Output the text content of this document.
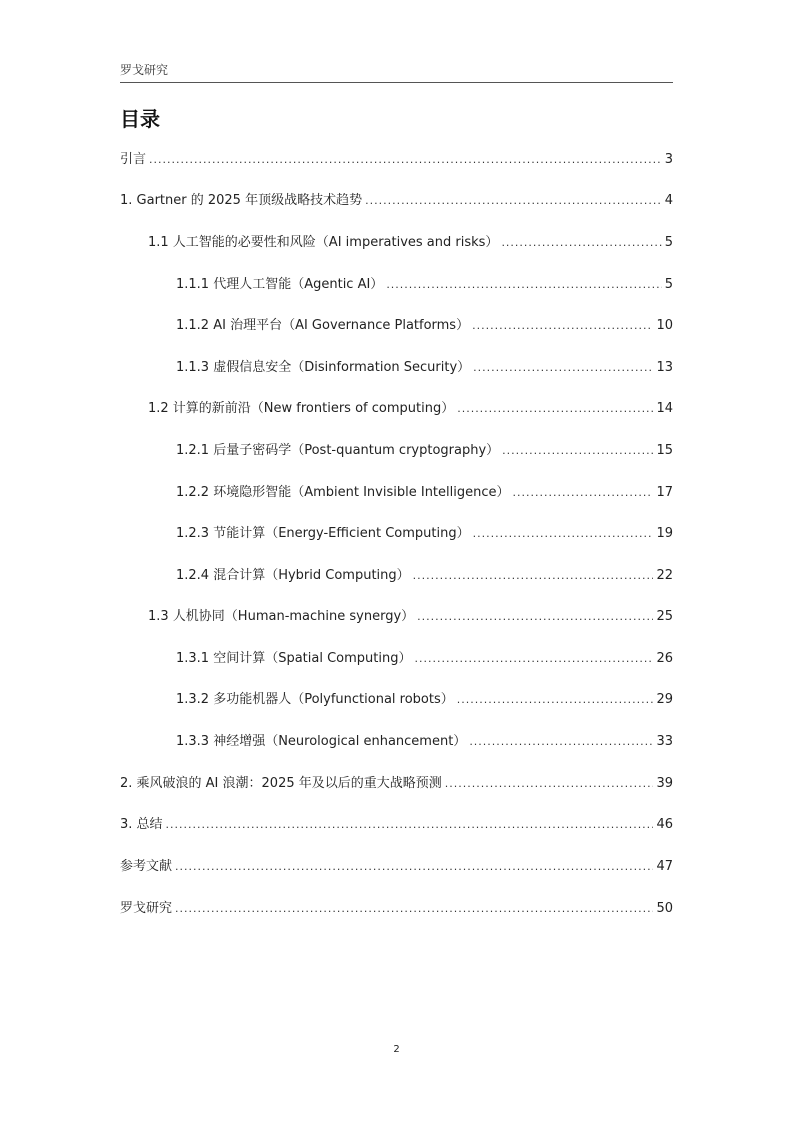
罗戈研究
目录
引言 .....	3
1. Gartner 的 2025 年顶级战略技术趋势 .....	4
1.1 人工智能的必要性和风险（AI imperatives and risks） .....	5
1.1.1 代理人工智能（Agentic AI） .....	5
1.1.2 AI 治理平台（AI Governance Platforms） .....	10
1.1.3 虚假信息安全（Disinformation Security） .....	13
1.2 计算的新前沿（New frontiers of computing） .....	14
1.2.1 后量子密码学（Post-quantum cryptography） .....	15
1.2.2 环境隐形智能（Ambient Invisible Intelligence） .....	17
1.2.3 节能计算（Energy-Efficient Computing） .....	19
1.2.4 混合计算（Hybrid Computing） .....	22
1.3 人机协同（Human-machine synergy） .....	25
1.3.1 空间计算（Spatial Computing） .....	26
1.3.2 多功能机器人（Polyfunctional robots） .....	29
1.3.3 神经增强（Neurological enhancement） .....	33
2. 乘风破浪的 AI 浪潮：2025 年及以后的重大战略预测 .....	39
3. 总结 .....	46
参考文献 .....	47
罗戈研究 .....	50
2
